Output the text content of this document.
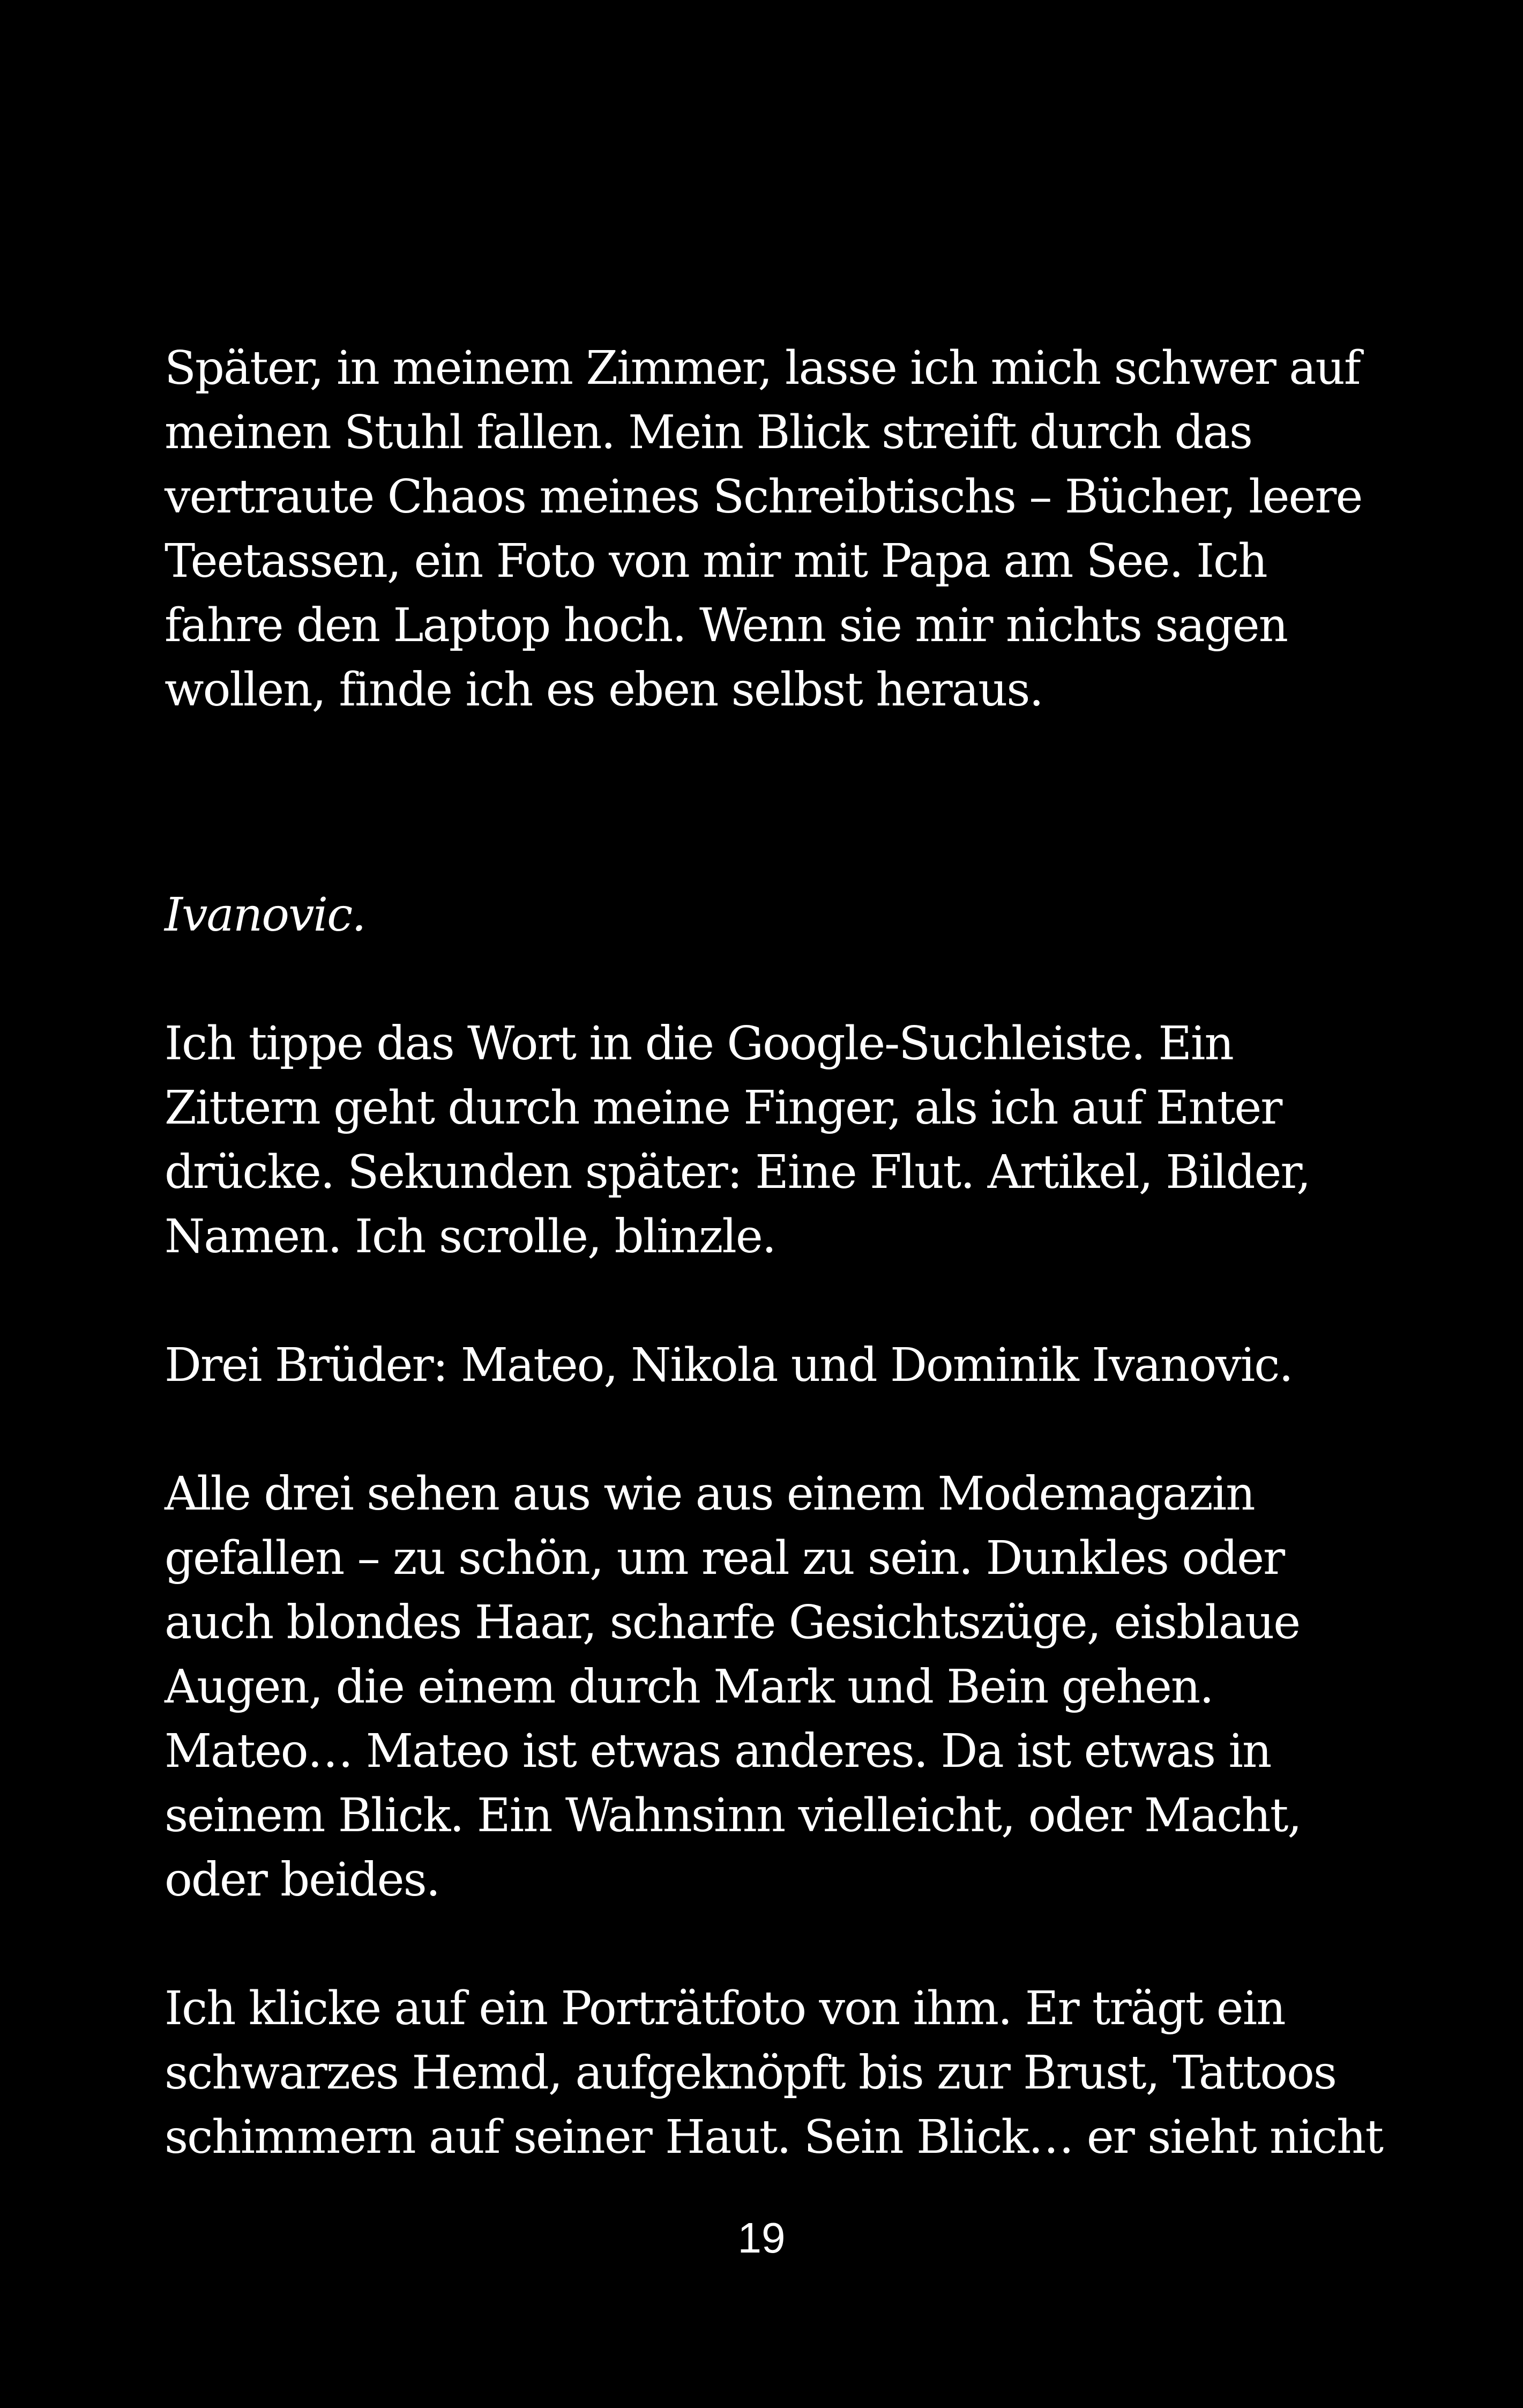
Später, in meinem Zimmer, lasse ich mich schwer auf
meinen Stuhl fallen. Mein Blick streift durch das
vertraute Chaos meines Schreibtischs – Bücher, leere
Teetassen, ein Foto von mir mit Papa am See. Ich
fahre den Laptop hoch. Wenn sie mir nichts sagen
wollen, finde ich es eben selbst heraus.
Ivanovic.
Ich tippe das Wort in die Google-Suchleiste. Ein
Zittern geht durch meine Finger, als ich auf Enter
drücke. Sekunden später: Eine Flut. Artikel, Bilder,
Namen. Ich scrolle, blinzle.
Drei Brüder: Mateo, Nikola und Dominik Ivanovic.
Alle drei sehen aus wie aus einem Modemagazin
gefallen – zu schön, um real zu sein. Dunkles oder
auch blondes Haar, scharfe Gesichtszüge, eisblaue
Augen, die einem durch Mark und Bein gehen.
Mateo… Mateo ist etwas anderes. Da ist etwas in
seinem Blick. Ein Wahnsinn vielleicht, oder Macht,
oder beides.
Ich klicke auf ein Porträtfoto von ihm. Er trägt ein
schwarzes Hemd, aufgeknöpft bis zur Brust, Tattoos
schimmern auf seiner Haut. Sein Blick… er sieht nicht
19
